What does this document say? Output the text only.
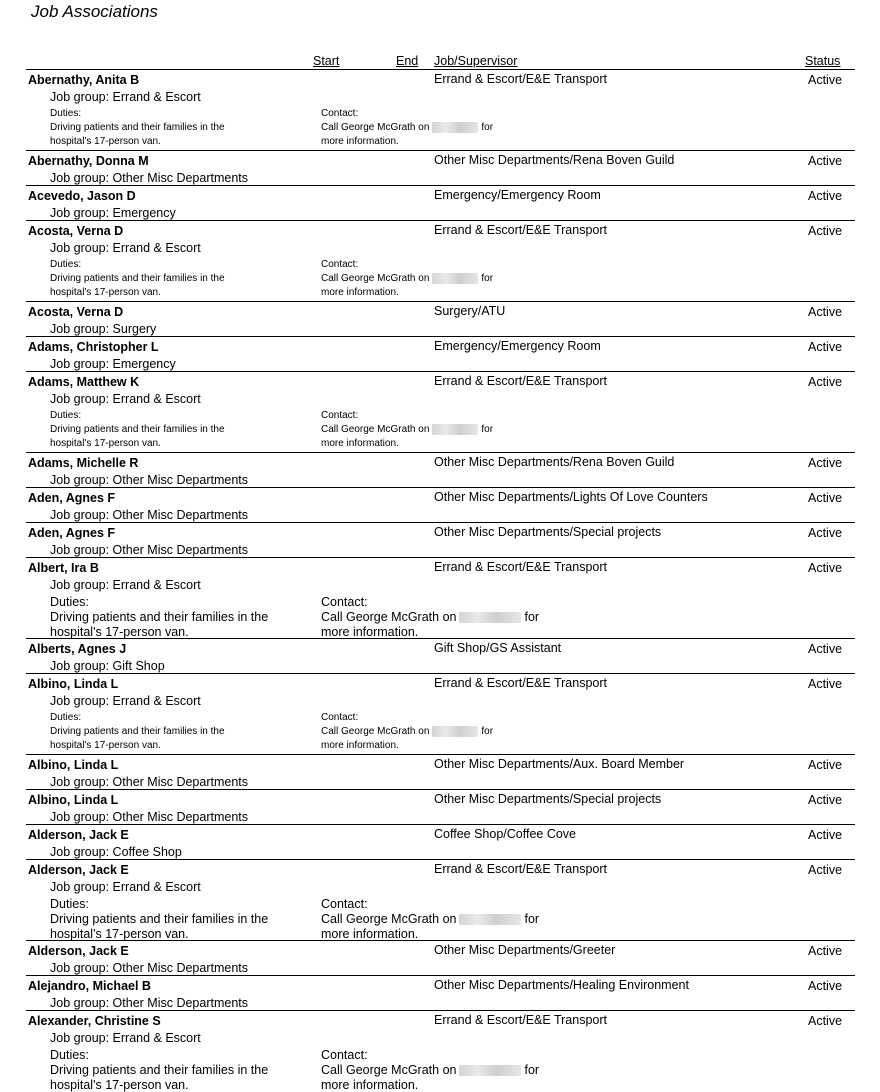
Job Associations
Start	End Job/Supervisor	Status
Abernathy, Anita B
Job group: Errand & Escort
Errand & Escort/E&E Transport	Active
Duties:
Driving patients and their families in the
hospital's 17-person van.
Contact:
Call George McGrath on	for
more information.
Abernathy, Donna M
Job group: Other Misc Departments
Other Misc Departments/Rena Boven Guild	Active
Acevedo, Jason D
Job group: Emergency
Emergency/Emergency Room	Active
Acosta, Verna D
Job group: Errand & Escort
Errand & Escort/E&E Transport	Active
Duties:
Driving patients and their families in the
hospital's 17-person van.
Contact:
Call George McGrath on	for
more information.
Acosta, Verna D
Job group: Surgery
Surgery/ATU	Active
Adams, Christopher L
Job group: Emergency
Emergency/Emergency Room	Active
Adams, Matthew K
Job group: Errand & Escort
Errand & Escort/E&E Transport	Active
Duties:
Driving patients and their families in the
hospital's 17-person van.
Contact:
Call George McGrath on	for
more information.
Adams, Michelle R
Job group: Other Misc Departments
Other Misc Departments/Rena Boven Guild	Active
Aden, Agnes F
Job group: Other Misc Departments
Other Misc Departments/Lights Of Love Counters	Active
Aden, Agnes F
Job group: Other Misc Departments
Other Misc Departments/Special projects	Active
Albert, Ira B
Job group: Errand & Escort
Errand & Escort/E&E Transport	Active
Duties:
Driving patients and their families in the
hospital's 17-person van.
Contact:
Call George McGrath on	for
more information.
Alberts, Agnes J
Job group: Gift Shop
Gift Shop/GS Assistant	Active
Albino, Linda L
Job group: Errand & Escort
Errand & Escort/E&E Transport	Active
Duties:
Driving patients and their families in the
hospital's 17-person van.
Contact:
Call George McGrath on	for
more information.
Albino, Linda L
Job group: Other Misc Departments
Other Misc Departments/Aux. Board Member	Active
Albino, Linda L
Job group: Other Misc Departments
Other Misc Departments/Special projects	Active
Alderson, Jack E
Job group: Coffee Shop
Coffee Shop/Coffee Cove	Active
Alderson, Jack E
Job group: Errand & Escort
Errand & Escort/E&E Transport	Active
Duties:
Driving patients and their families in the
hospital's 17-person van.
Contact:
Call George McGrath on	for
more information.
Alderson, Jack E
Job group: Other Misc Departments
Other Misc Departments/Greeter	Active
Alejandro, Michael B
Job group: Other Misc Departments
Other Misc Departments/Healing Environment	Active
Alexander, Christine S
Job group: Errand & Escort
Errand & Escort/E&E Transport	Active
Duties:
Driving patients and their families in the
hospital's 17-person van.
Contact:
Call George McGrath on	for
more information.
